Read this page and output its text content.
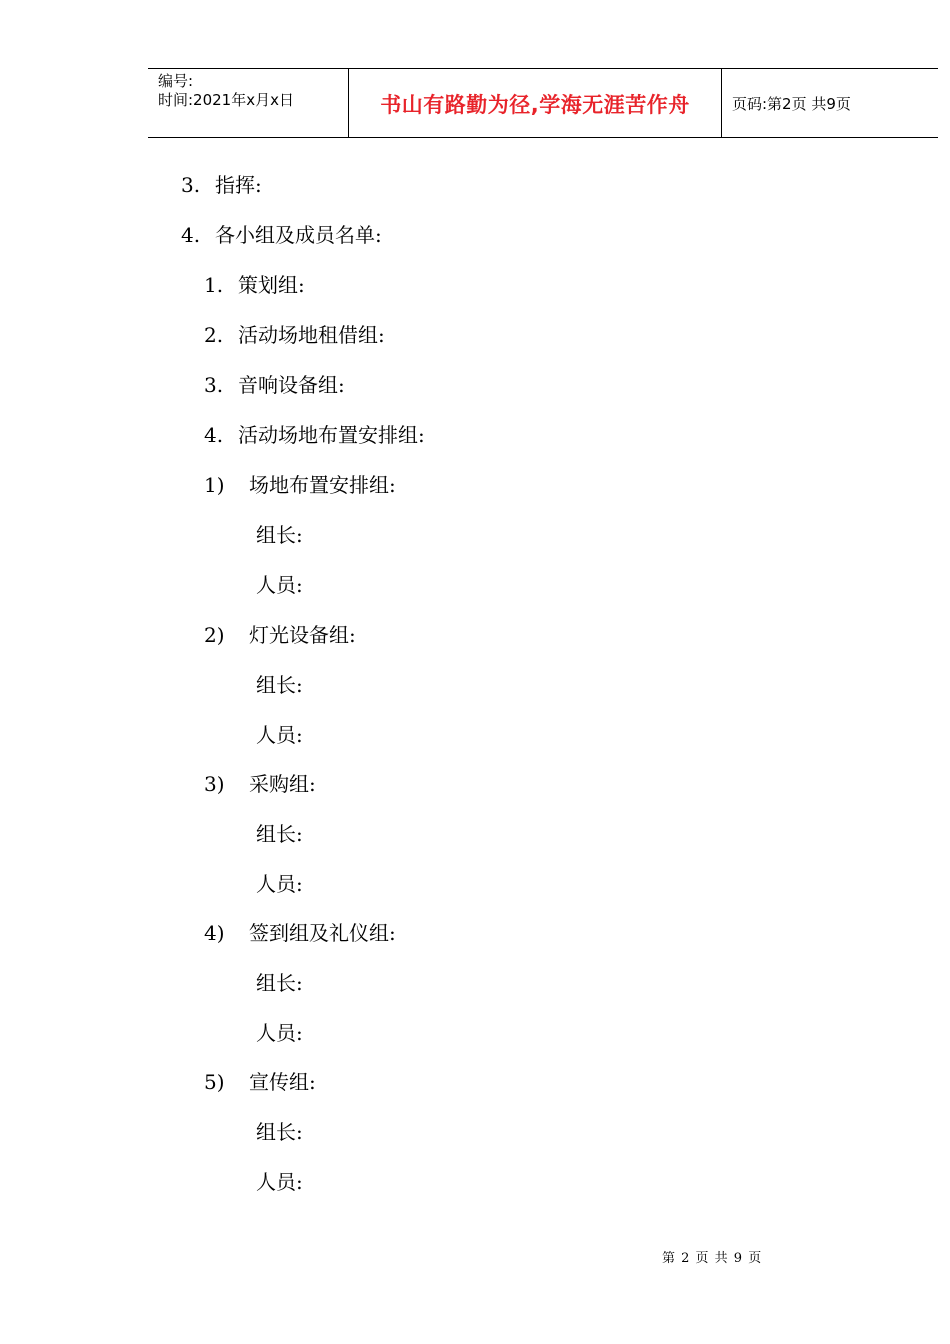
编号:
时间:2021年x月x日	书山有路勤为径,学海无涯苦作舟	页码:第2页 共9页
3. 指挥:
4. 各小组及成员名单:
1. 策划组:
2. 活动场地租借组:
3. 音响设备组:
4. 活动场地布置安排组:
1) 场地布置安排组:
组长:
人员:
2) 灯光设备组:
组长:
人员:
3) 采购组:
组长:
人员:
4) 签到组及礼仪组:
组长:
人员:
5) 宣传组:
组长:
人员:
第 2 页 共 9 页
